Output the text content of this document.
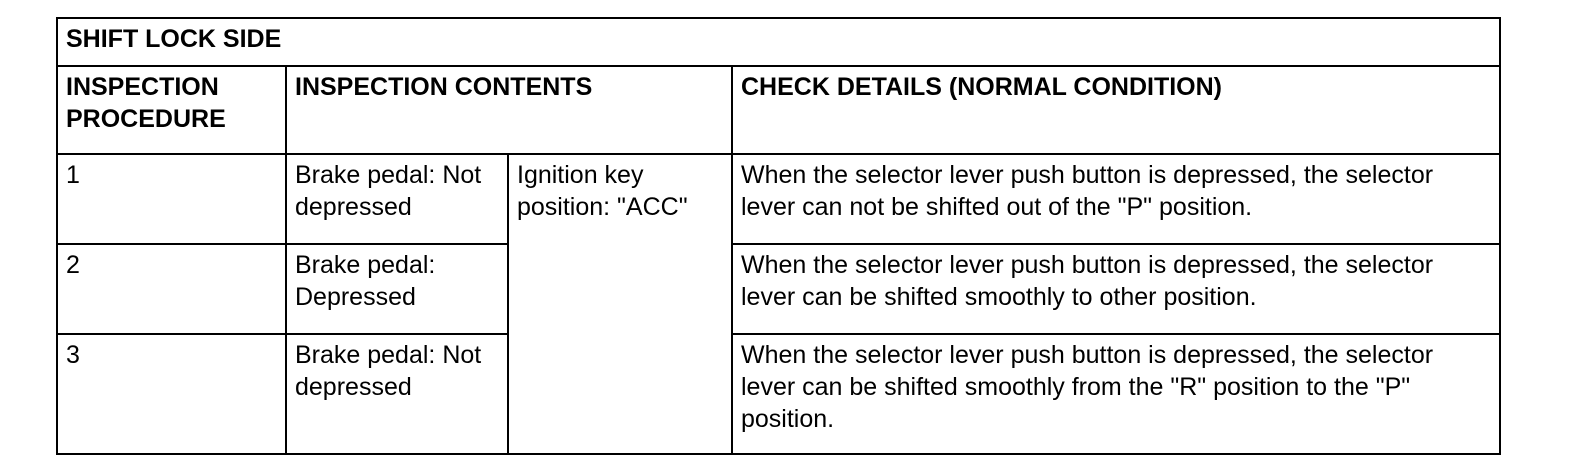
SHIFT LOCK SIDE			
INSPECTION PROCEDURE	INSPECTION CONTENTS		CHECK DETAILS (NORMAL CONDITION)
1	Brake pedal: Not depressed	Ignition key position: "ACC"	When the selector lever push button is depressed, the selector lever can not be shifted out of the "P" position.
2	Brake pedal: Depressed		When the selector lever push button is depressed, the selector lever can be shifted smoothly to other position.
3	Brake pedal: Not depressed		When the selector lever push button is depressed, the selector lever can be shifted smoothly from the "R" position to the "P" position.
